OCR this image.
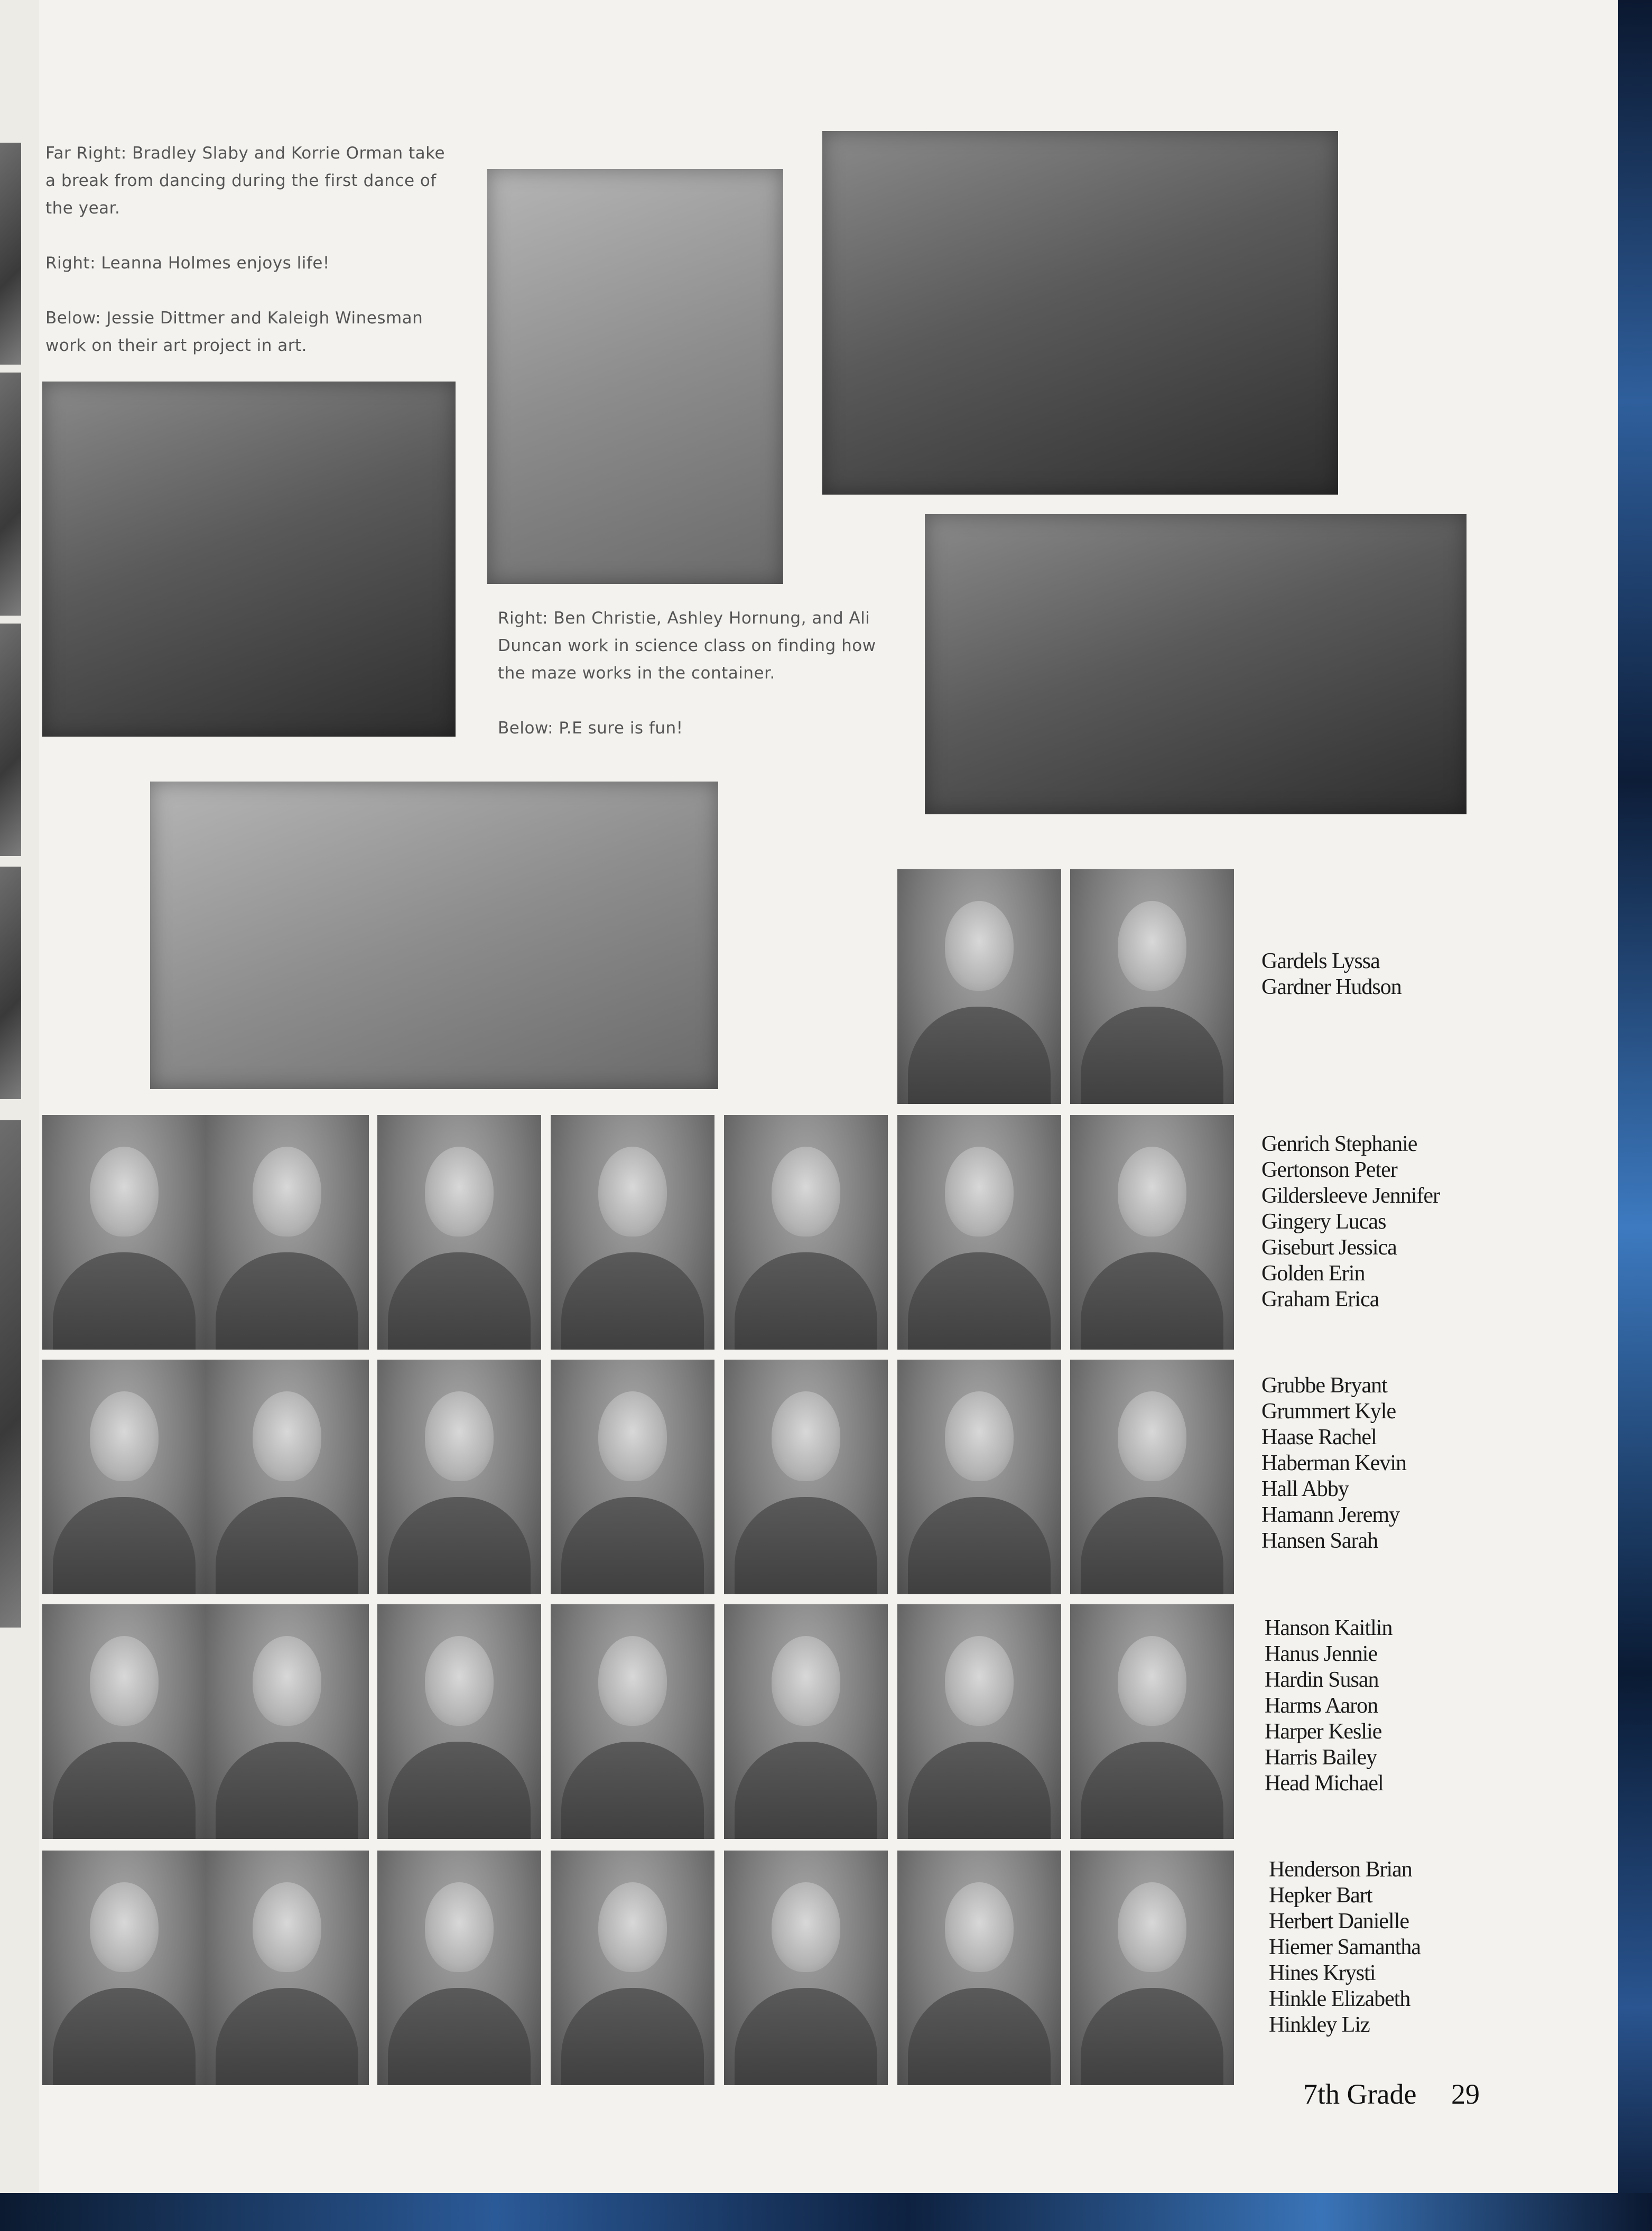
Far Right: Bradley Slaby and Korrie Orman take a break from dancing during the first dance of the year.

Right: Leanna Holmes enjoys life!

Below: Jessie Dittmer and Kaleigh Winesman work on their art project in art.

Right: Ben Christie, Ashley Hornung, and Ali Duncan work in science class on finding how the maze works in the container.

Below: P.E sure is fun!

Gardels Lyssa
Gardner Hudson
Genrich Stephanie
Gertonson Peter
Gildersleeve Jennifer
Gingery Lucas
Giseburt Jessica
Golden Erin
Graham Erica
Grubbe Bryant
Grummert Kyle
Haase Rachel
Haberman Kevin
Hall Abby
Hamann Jeremy
Hansen Sarah
Hanson Kaitlin
Hanus Jennie
Hardin Susan
Harms Aaron
Harper Keslie
Harris Bailey
Head Michael
Henderson Brian
Hepker Bart
Herbert Danielle
Hiemer Samantha
Hines Krysti
Hinkle Elizabeth
Hinkley Liz
7th Grade 29
